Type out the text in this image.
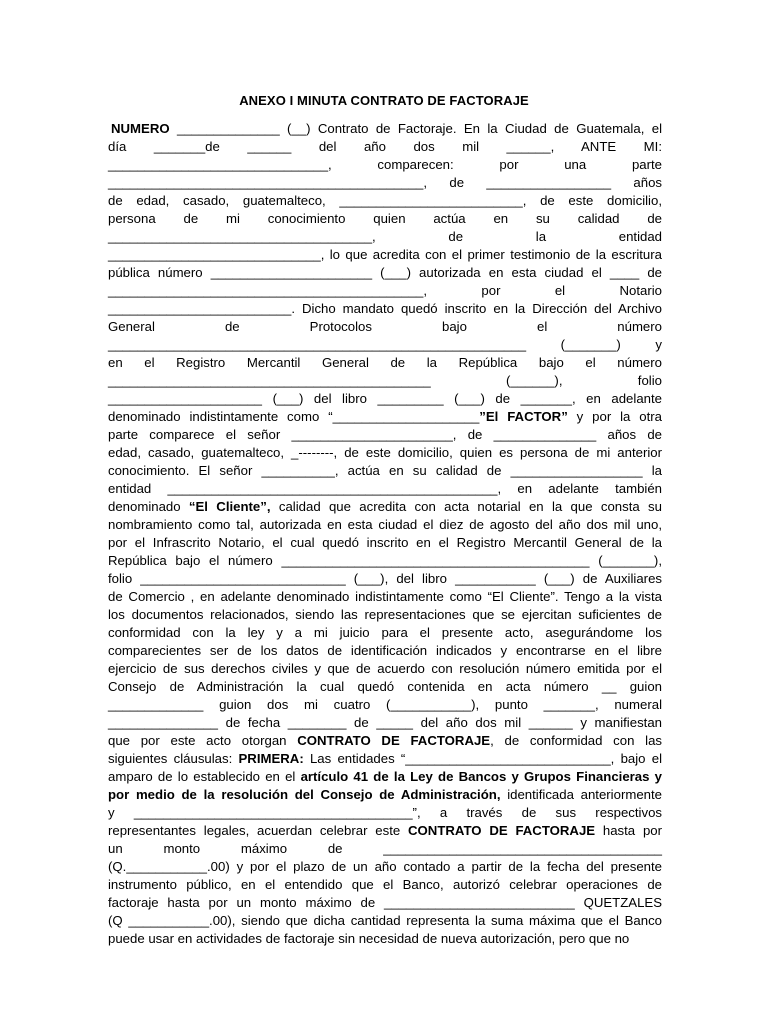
ANEXO I MINUTA CONTRATO DE FACTORAJE
NUMERO ______________ (__) Contrato de Factoraje. En la Ciudad de Guatemala, el
día _______de ______ del año dos mil ______, ANTE MI:
______________________________, comparecen: por una parte
___________________________________________, de _________________ años
de edad, casado, guatemalteco, _________________________, de este domicilio,
persona de mi conocimiento quien actúa en su calidad de
____________________________________, de la entidad
_____________________________, lo que acredita con el primer testimonio de la escritura
pública número ______________________ (___) autorizada en esta ciudad el ____ de
___________________________________________, por el Notario
_________________________. Dicho mandato quedó inscrito en la Dirección del Archivo
General de Protocolos bajo el número
_________________________________________________________ (_______) y
en el Registro Mercantil General de la República bajo el número
____________________________________________ (______), folio
_____________________ (___) del libro _________ (___) de _______, en adelante
denominado indistintamente como “____________________”El FACTOR” y por la otra
parte comparece el señor ______________________, de ______________ años de
edad, casado, guatemalteco, _--------, de este domicilio, quien es persona de mi anterior
conocimiento. El señor __________, actúa en su calidad de __________________ la
entidad _____________________________________________, en adelante también
denominado “El Cliente”, calidad que acredita con acta notarial en la que consta su
nombramiento como tal, autorizada en esta ciudad el diez de agosto del año dos mil uno,
por el Infrascrito Notario, el cual quedó inscrito en el Registro Mercantil General de la
República bajo el número __________________________________________ (_______),
folio ____________________________ (___), del libro ___________ (___) de Auxiliares
de Comercio , en adelante denominado indistintamente como “El Cliente”. Tengo a la vista
los documentos relacionados, siendo las representaciones que se ejercitan suficientes de
conformidad con la ley y a mi juicio para el presente acto, asegurándome los
comparecientes ser de los datos de identificación indicados y encontrarse en el libre
ejercicio de sus derechos civiles y que de acuerdo con resolución número emitida por el
Consejo de Administración la cual quedó contenida en acta número __ guion
_____________ guion dos mi cuatro (___________), punto _______, numeral
_______________ de fecha ________ de _____ del año dos mil ______ y manifiestan
que por este acto otorgan CONTRATO DE FACTORAJE, de conformidad con las
siguientes cláusulas: PRIMERA: Las entidades “____________________________, bajo el
amparo de lo establecido en el artículo 41 de la Ley de Bancos y Grupos Financieras y
por medio de la resolución del Consejo de Administración, identificada anteriormente
y ______________________________________”, a través de sus respectivos
representantes legales, acuerdan celebrar este CONTRATO DE FACTORAJE hasta por
un monto máximo de ______________________________________
(Q.___________.00) y por el plazo de un año contado a partir de la fecha del presente
instrumento público, en el entendido que el Banco, autorizó celebrar operaciones de
factoraje hasta por un monto máximo de __________________________ QUETZALES
(Q ___________.00), siendo que dicha cantidad representa la suma máxima que el Banco
puede usar en actividades de factoraje sin necesidad de nueva autorización, pero que no
